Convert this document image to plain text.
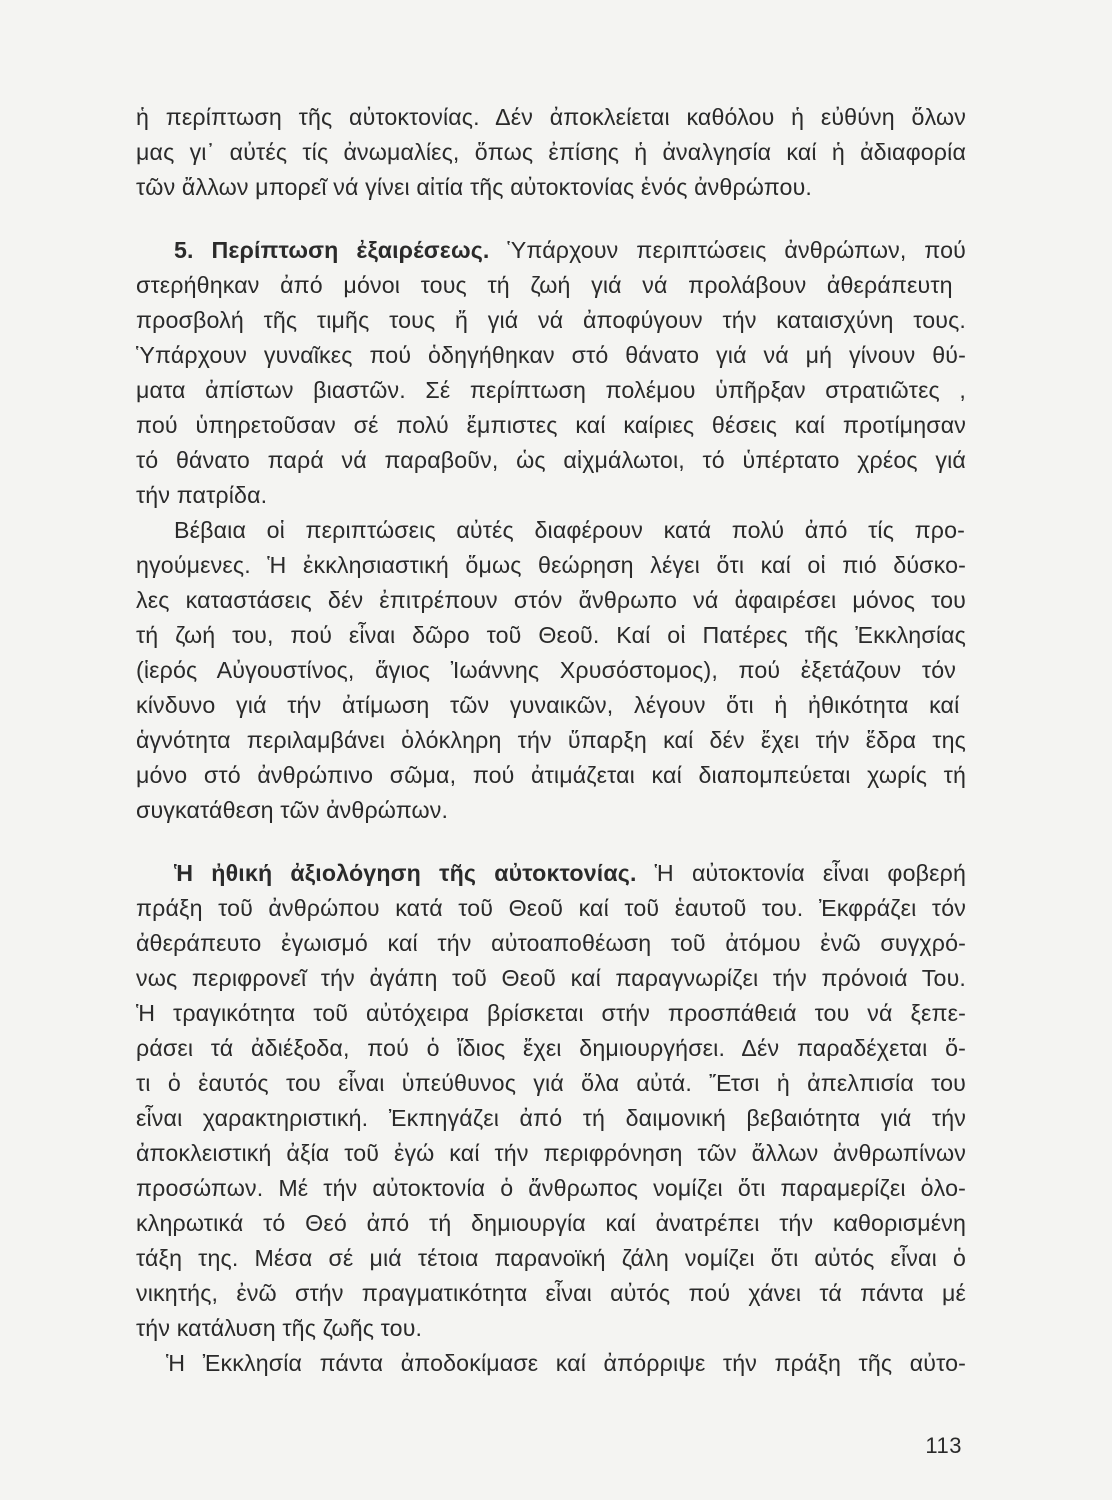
ἡ περίπτωση τῆς αὐτοκτονίας. Δέν ἀποκλείεται καθόλου ἡ εὐθύνη ὅλων
μας γι᾽ αὐτές τίς ἀνωμαλίες, ὅπως ἐπίσης ἡ ἀναλγησία καί ἡ ἀδιαφορία
τῶν ἄλλων μπορεῖ νά γίνει αἰτία τῆς αὐτοκτονίας ἑνός ἀνθρώπου.
5. Περίπτωση ἐξαιρέσεως. Ὑπάρχουν περιπτώσεις ἀνθρώπων, πού
στερήθηκαν ἀπό μόνοι τους τή ζωή γιά νά προλάβουν ἀθεράπευτη
προσβολή τῆς τιμῆς τους ἤ γιά νά ἀποφύγουν τήν καταισχύνη τους.
Ὑπάρχουν γυναῖκες πού ὁδηγήθηκαν στό θάνατο γιά νά μή γίνουν θύ-
ματα ἀπίστων βιαστῶν. Σέ περίπτωση πολέμου ὑπῆρξαν στρατιῶτες ,
πού ὑπηρετοῦσαν σέ πολύ ἔμπιστες καί καίριες θέσεις καί προτίμησαν
τό θάνατο παρά νά παραβοῦν, ὡς αἰχμάλωτοι, τό ὑπέρτατο χρέος γιά
τήν πατρίδα.
Βέβαια οἱ περιπτώσεις αὐτές διαφέρουν κατά πολύ ἀπό τίς προ-
ηγούμενες. Ἡ ἐκκλησιαστική ὅμως θεώρηση λέγει ὅτι καί οἱ πιό δύσκο-
λες καταστάσεις δέν ἐπιτρέπουν στόν ἄνθρωπο νά ἀφαιρέσει μόνος του
τή ζωή του, πού εἶναι δῶρο τοῦ Θεοῦ. Καί οἱ Πατέρες τῆς Ἐκκλησίας
(ἱερός Αὐγουστίνος, ἅγιος Ἰωάννης Χρυσόστομος), πού ἐξετάζουν τόν
κίνδυνο γιά τήν ἀτίμωση τῶν γυναικῶν, λέγουν ὅτι ἡ ἠθικότητα καί
ἁγνότητα περιλαμβάνει ὁλόκληρη τήν ὕπαρξη καί δέν ἔχει τήν ἕδρα της
μόνο στό ἀνθρώπινο σῶμα, πού ἀτιμάζεται καί διαπομπεύεται χωρίς τή
συγκατάθεση τῶν ἀνθρώπων.
Ἡ ἠθική ἀξιολόγηση τῆς αὐτοκτονίας. Ἡ αὐτοκτονία εἶναι φοβερή
πράξη τοῦ ἀνθρώπου κατά τοῦ Θεοῦ καί τοῦ ἑαυτοῦ του. Ἐκφράζει τόν
ἀθεράπευτο ἐγωισμό καί τήν αὐτοαποθέωση τοῦ ἀτόμου ἐνῶ συγχρό-
νως περιφρονεῖ τήν ἀγάπη τοῦ Θεοῦ καί παραγνωρίζει τήν πρόνοιά Του.
Ἡ τραγικότητα τοῦ αὐτόχειρα βρίσκεται στήν προσπάθειά του νά ξεπε-
ράσει τά ἀδιέξοδα, πού ὁ ἴδιος ἔχει δημιουργήσει. Δέν παραδέχεται ὅ-
τι ὁ ἑαυτός του εἶναι ὑπεύθυνος γιά ὅλα αὐτά. Ἔτσι ἡ ἀπελπισία του
εἶναι χαρακτηριστική. Ἐκπηγάζει ἀπό τή δαιμονική βεβαιότητα γιά τήν
ἀποκλειστική ἀξία τοῦ ἐγώ καί τήν περιφρόνηση τῶν ἄλλων ἀνθρωπίνων
προσώπων. Μέ τήν αὐτοκτονία ὁ ἄνθρωπος νομίζει ὅτι παραμερίζει ὁλο-
κληρωτικά τό Θεό ἀπό τή δημιουργία καί ἀνατρέπει τήν καθορισμένη
τάξη της. Μέσα σέ μιά τέτοια παρανοϊκή ζάλη νομίζει ὅτι αὐτός εἶναι ὁ
νικητής, ἐνῶ στήν πραγματικότητα εἶναι αὐτός πού χάνει τά πάντα μέ
τήν κατάλυση τῆς ζωῆς του.
Ἡ Ἐκκλησία πάντα ἀποδοκίμασε καί ἀπόρριψε τήν πράξη τῆς αὐτο-
113
